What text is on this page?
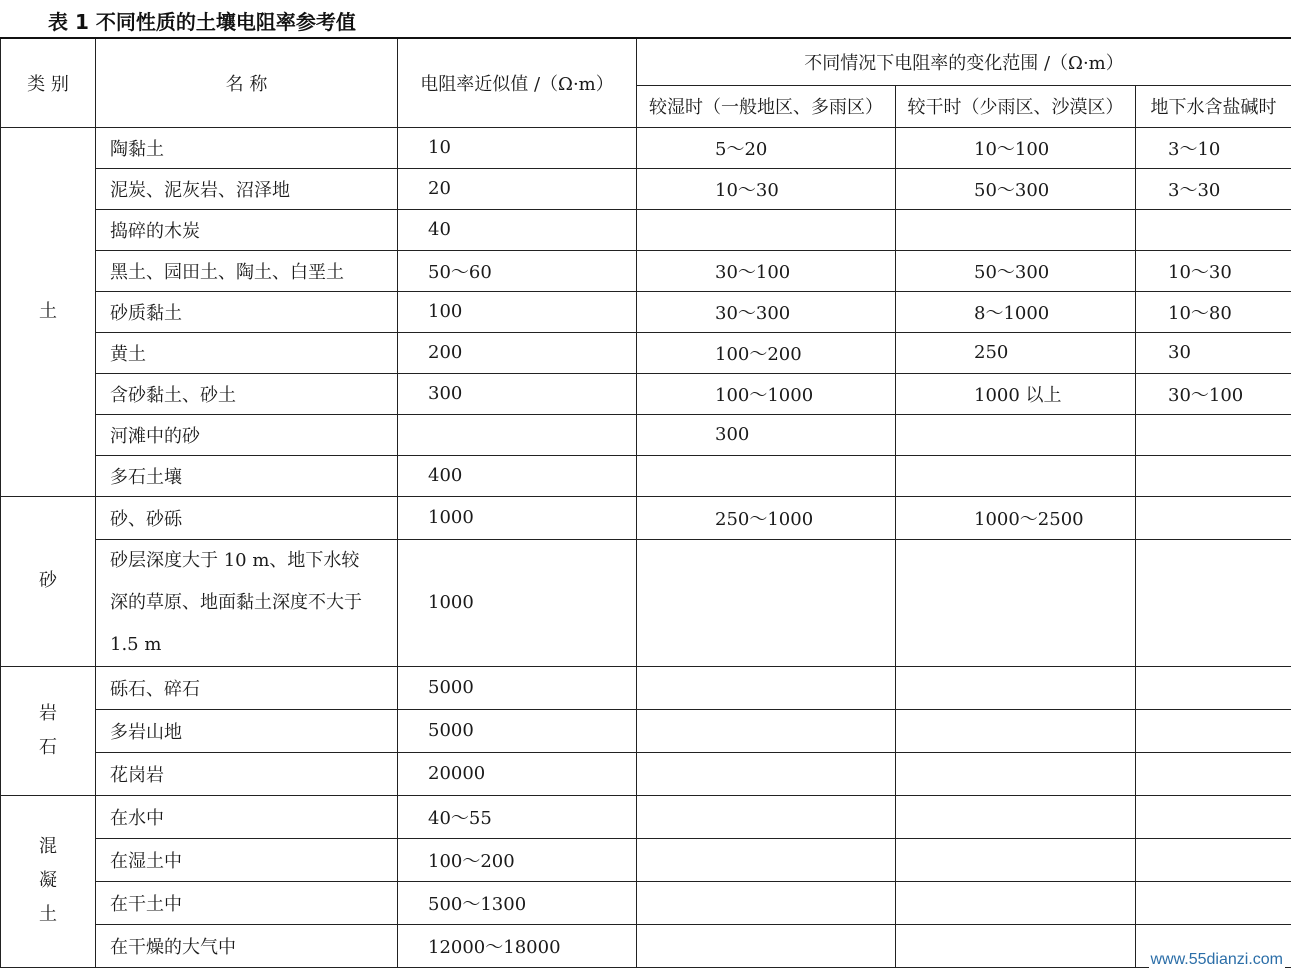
表 1 不同性质的土壤电阻率参考值
类 别	名 称	电阻率近似值 /（Ω·m）	不同情况下电阻率的变化范围 /（Ω·m）		
			较湿时（一般地区、多雨区）	较干时（少雨区、沙漠区）	地下水含盐碱时
土	陶黏土	10	5～20	10～100	3～10
	泥炭、泥灰岩、沼泽地	20	10～30	50～300	3～30
	捣碎的木炭	40			
	黑土、园田土、陶土、白垩土	50～60	30～100	50～300	10～30
	砂质黏土	100	30～300	8～1000	10～80
	黄土	200	100～200	250	30
	含砂黏土、砂土	300	100～1000	1000 以上	30～100
	河滩中的砂		300		
	多石土壤	400			
砂	砂、砂砾	1000	250～1000	1000～2500	
	砂层深度大于 10 m、地下水较深的草原、地面黏土深度不大于 1.5 m	1000			

岩石	砾石、碎石	5000			
	多岩山地	5000			
	花岗岩	20000			

混凝土	在水中	40～55			
	在湿土中	100～200			
	在干土中	500～1300			
	在干燥的大气中	12000～18000			
www.55dianzi.com
